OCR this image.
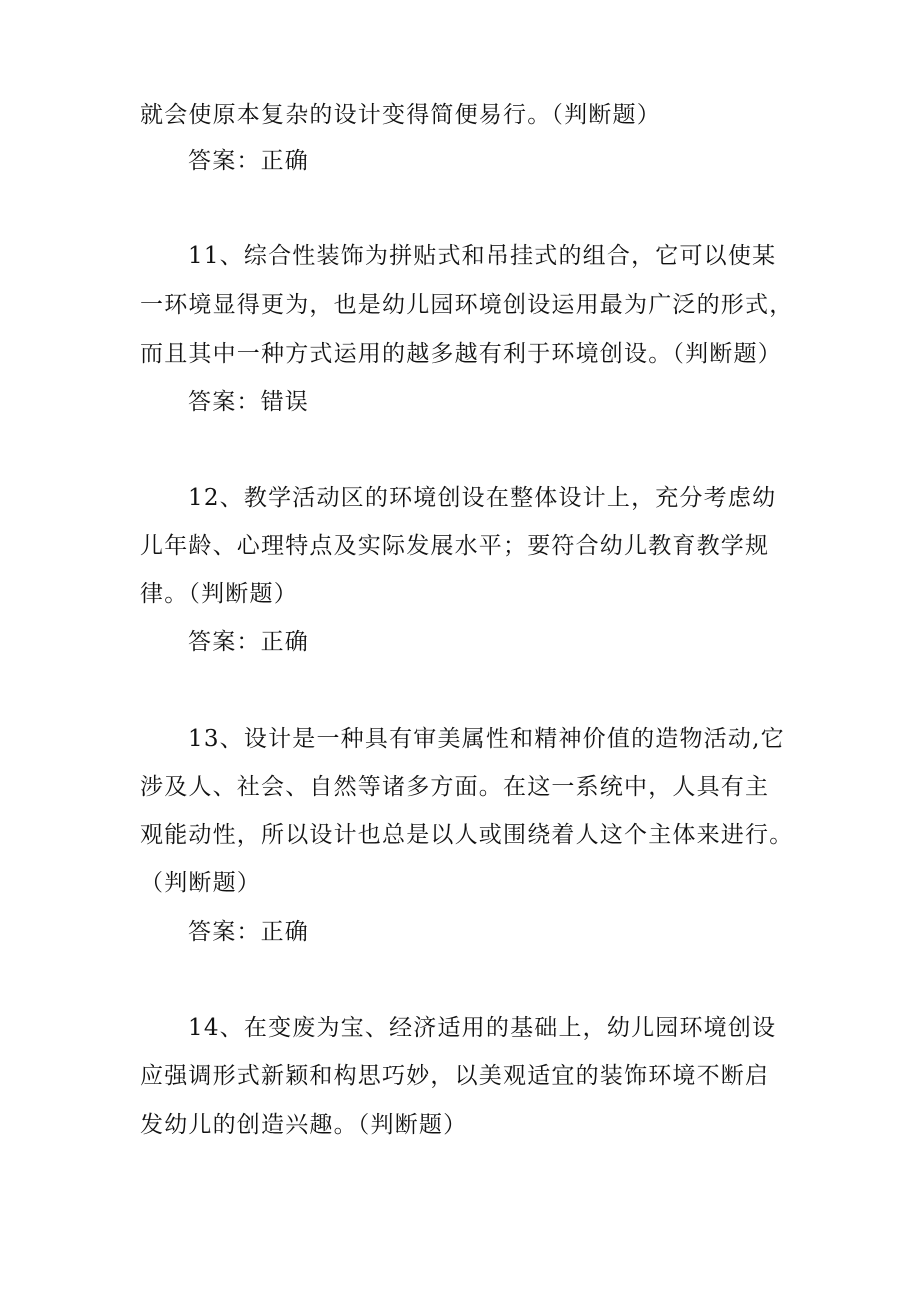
就会使原本复杂的设计变得简便易行。（判断题）
答案：正确
11、综合性装饰为拼贴式和吊挂式的组合，它可以使某
一环境显得更为，也是幼儿园环境创设运用最为广泛的形式，
而且其中一种方式运用的越多越有利于环境创设。（判断题）
答案：错误
12、教学活动区的环境创设在整体设计上，充分考虑幼
儿年龄、心理特点及实际发展水平；要符合幼儿教育教学规
律。（判断题）
答案：正确
13、设计是一种具有审美属性和精神价值的造物活动,它
涉及人、社会、自然等诸多方面。在这一系统中，人具有主
观能动性，所以设计也总是以人或围绕着人这个主体来进行。
（判断题）
答案：正确
14、在变废为宝、经济适用的基础上，幼儿园环境创设
应强调形式新颖和构思巧妙，以美观适宜的装饰环境不断启
发幼儿的创造兴趣。（判断题）
